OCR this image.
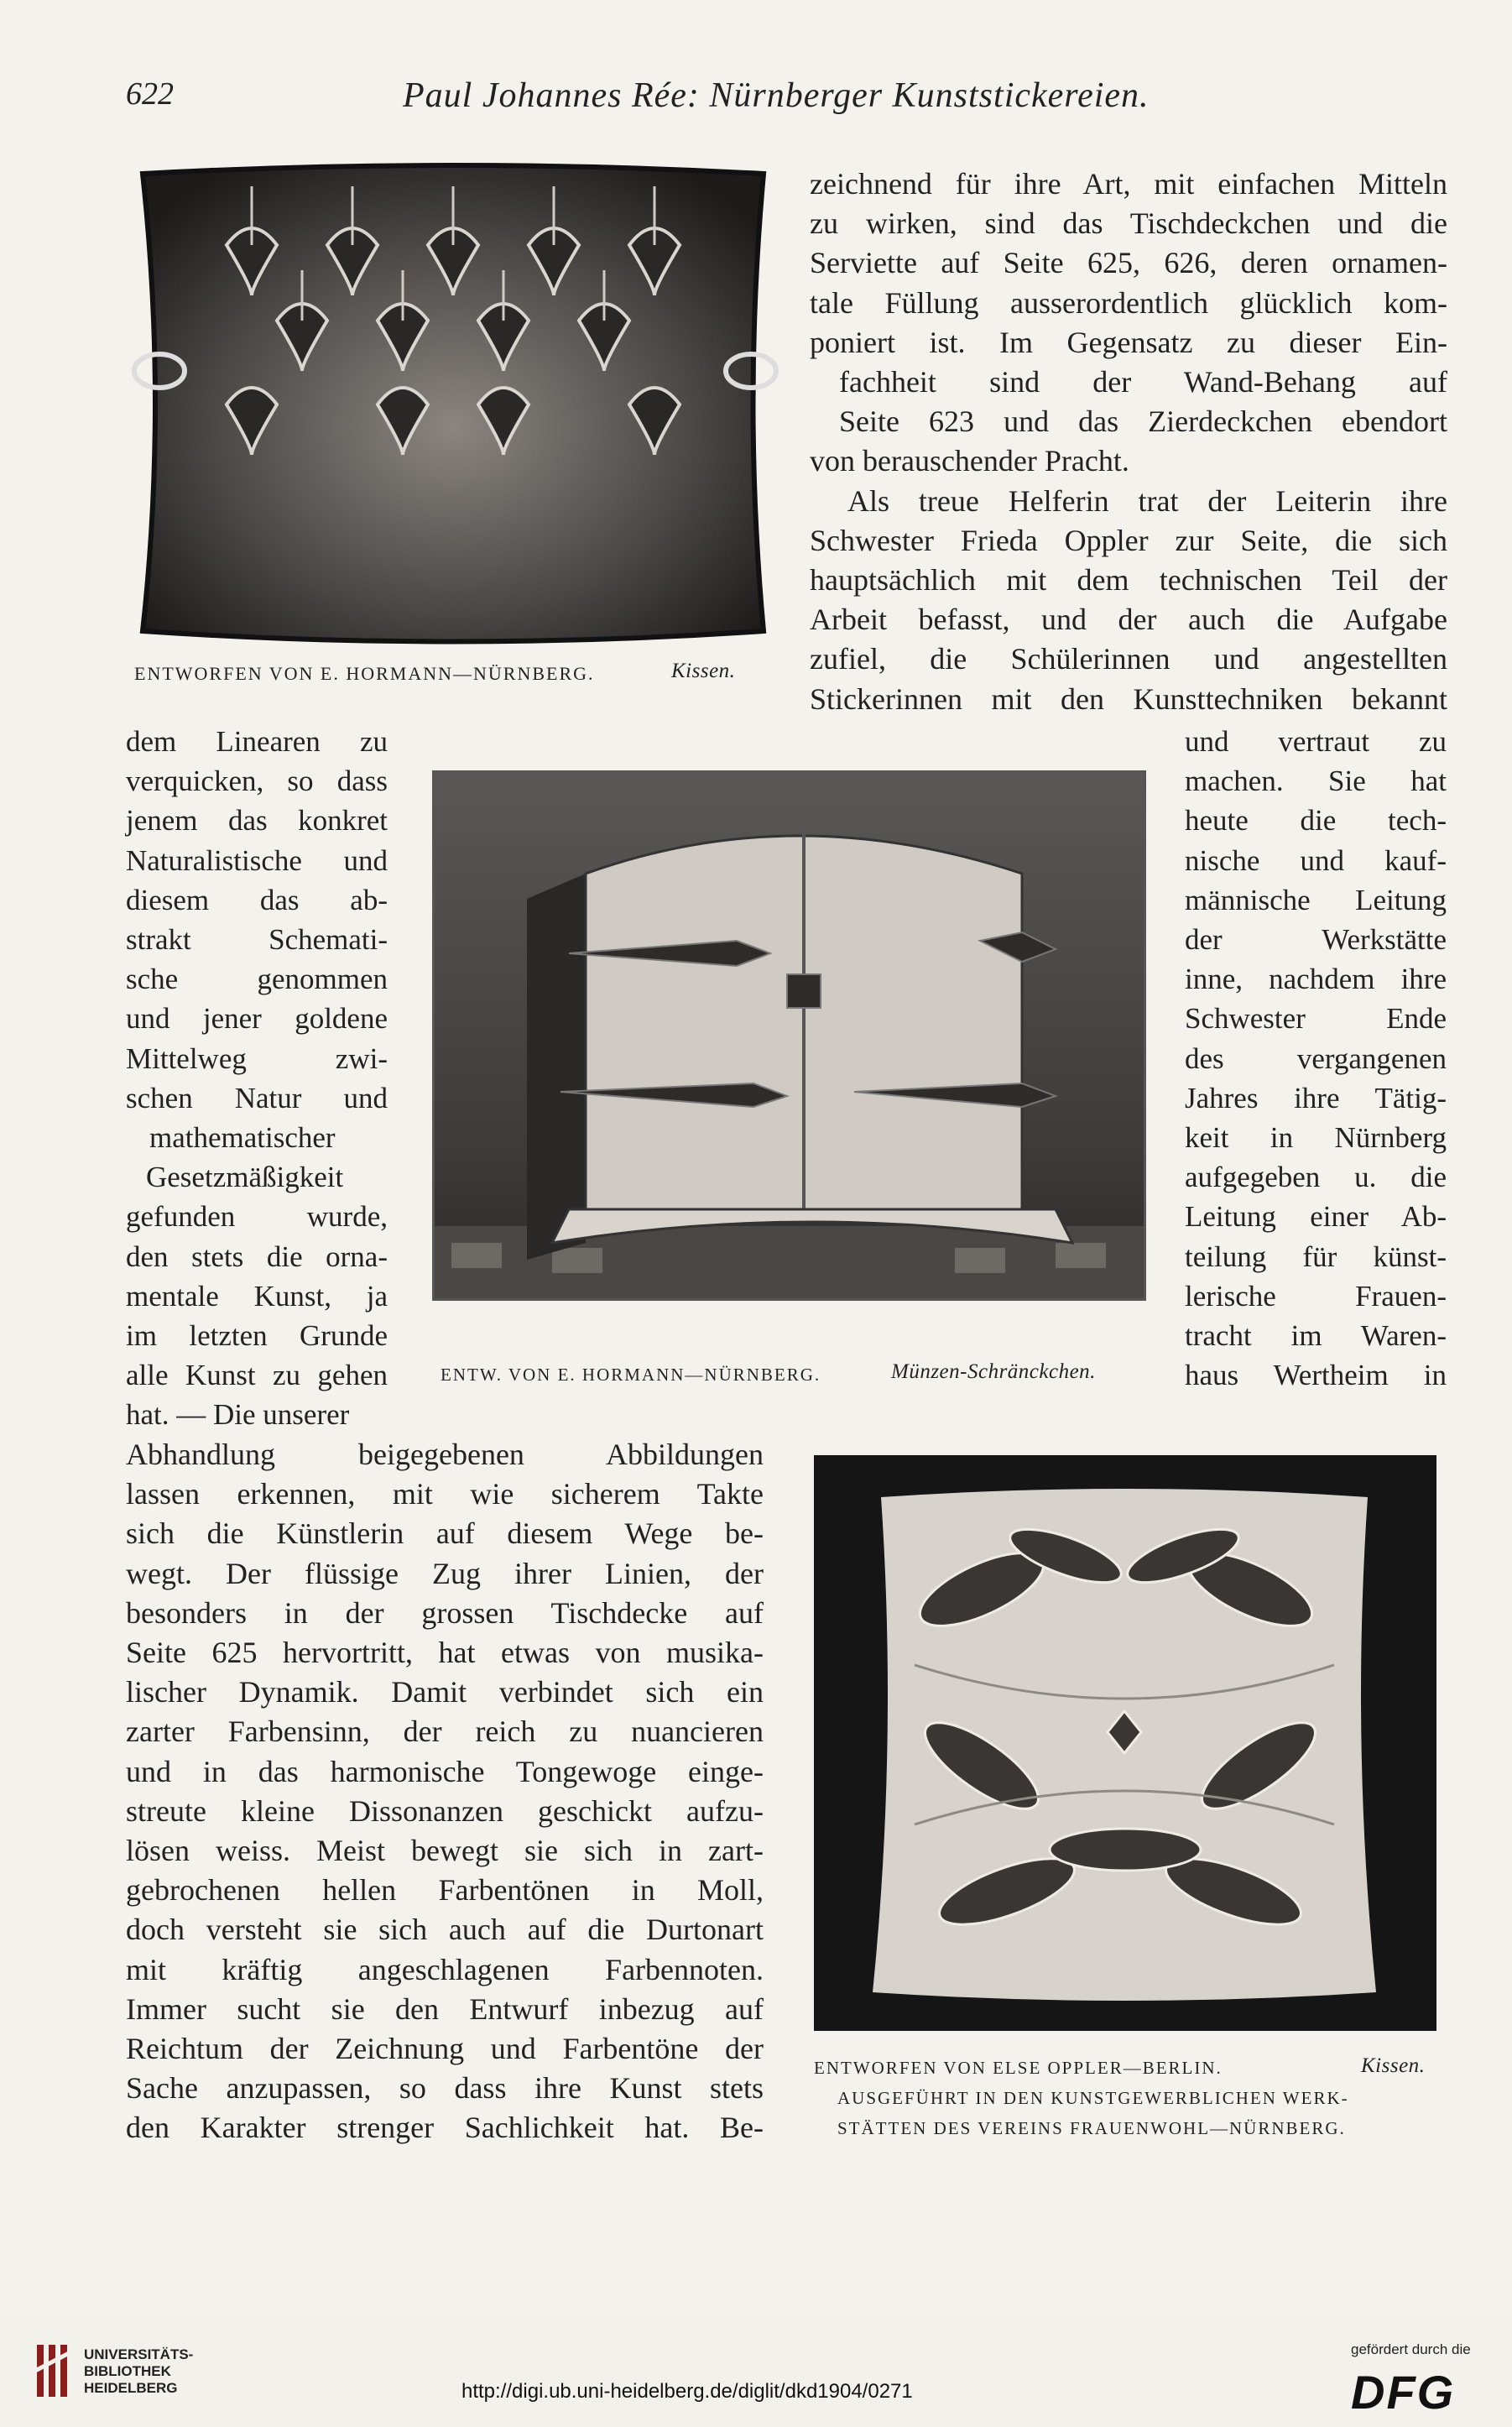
622	Paul Johannes Rée: Nürnberger Kunststickereien.
ENTWORFEN VON E. HORMANN—NÜRNBERG.	Kissen.
zeichnend für ihre Art, mit einfachen Mitteln
zu wirken, sind das Tischdeckchen und die
Serviette auf Seite 625, 626, deren ornamen-
tale Füllung ausserordentlich glücklich kom-
poniert ist. Im Gegensatz zu dieser Ein-
fachheit sind der Wand-Behang auf
Seite 623 und das Zierdeckchen ebendort
von berauschender Pracht.
Als treue Helferin trat der Leiterin ihre
Schwester Frieda Oppler zur Seite, die sich
hauptsächlich mit dem technischen Teil der
Arbeit befasst, und der auch die Aufgabe
zufiel, die Schülerinnen und angestellten
Stickerinnen mit den Kunsttechniken bekannt
dem Linearen zu
verquicken, so dass
jenem das konkret
Naturalistische und
diesem das ab-
strakt Schemati-
sche genommen
und jener goldene
Mittelweg zwi-
schen Natur und
mathematischer
Gesetzmäßigkeit
gefunden wurde,
den stets die orna-
mentale Kunst, ja
im letzten Grunde
alle Kunst zu gehen
hat. — Die unserer
und vertraut zu
machen. Sie hat
heute die tech-
nische und kauf-
männische Leitung
der Werkstätte
inne, nachdem ihre
Schwester Ende
des vergangenen
Jahres ihre Tätig-
keit in Nürnberg
aufgegeben u. die
Leitung einer Ab-
teilung für künst-
lerische Frauen-
tracht im Waren-
haus Wertheim in
ENTW. VON E. HORMANN—NÜRNBERG.	Münzen-Schränckchen.
Abhandlung beigegebenen Abbildungen
lassen erkennen, mit wie sicherem Takte
sich die Künstlerin auf diesem Wege be-
wegt. Der flüssige Zug ihrer Linien, der
besonders in der grossen Tischdecke auf
Seite 625 hervortritt, hat etwas von musika-
lischer Dynamik. Damit verbindet sich ein
zarter Farbensinn, der reich zu nuancieren
und in das harmonische Tongewoge einge-
streute kleine Dissonanzen geschickt aufzu-
lösen weiss. Meist bewegt sie sich in zart-
gebrochenen hellen Farbentönen in Moll,
doch versteht sie sich auch auf die Durtonart
mit kräftig angeschlagenen Farbennoten.
Immer sucht sie den Entwurf inbezug auf
Reichtum der Zeichnung und Farbentöne der
Sache anzupassen, so dass ihre Kunst stets
den Karakter strenger Sachlichkeit hat. Be-
ENTWORFEN VON ELSE OPPLER—BERLIN.	Kissen.
AUSGEFÜHRT IN DEN KUNSTGEWERBLICHEN WERK-
STÄTTEN DES VEREINS FRAUENWOHL—NÜRNBERG.
UNIVERSITÄTS-
BIBLIOTHEK
HEIDELBERG	http://digi.ub.uni-heidelberg.de/diglit/dkd1904/0271
gefördert durch die
DFG
